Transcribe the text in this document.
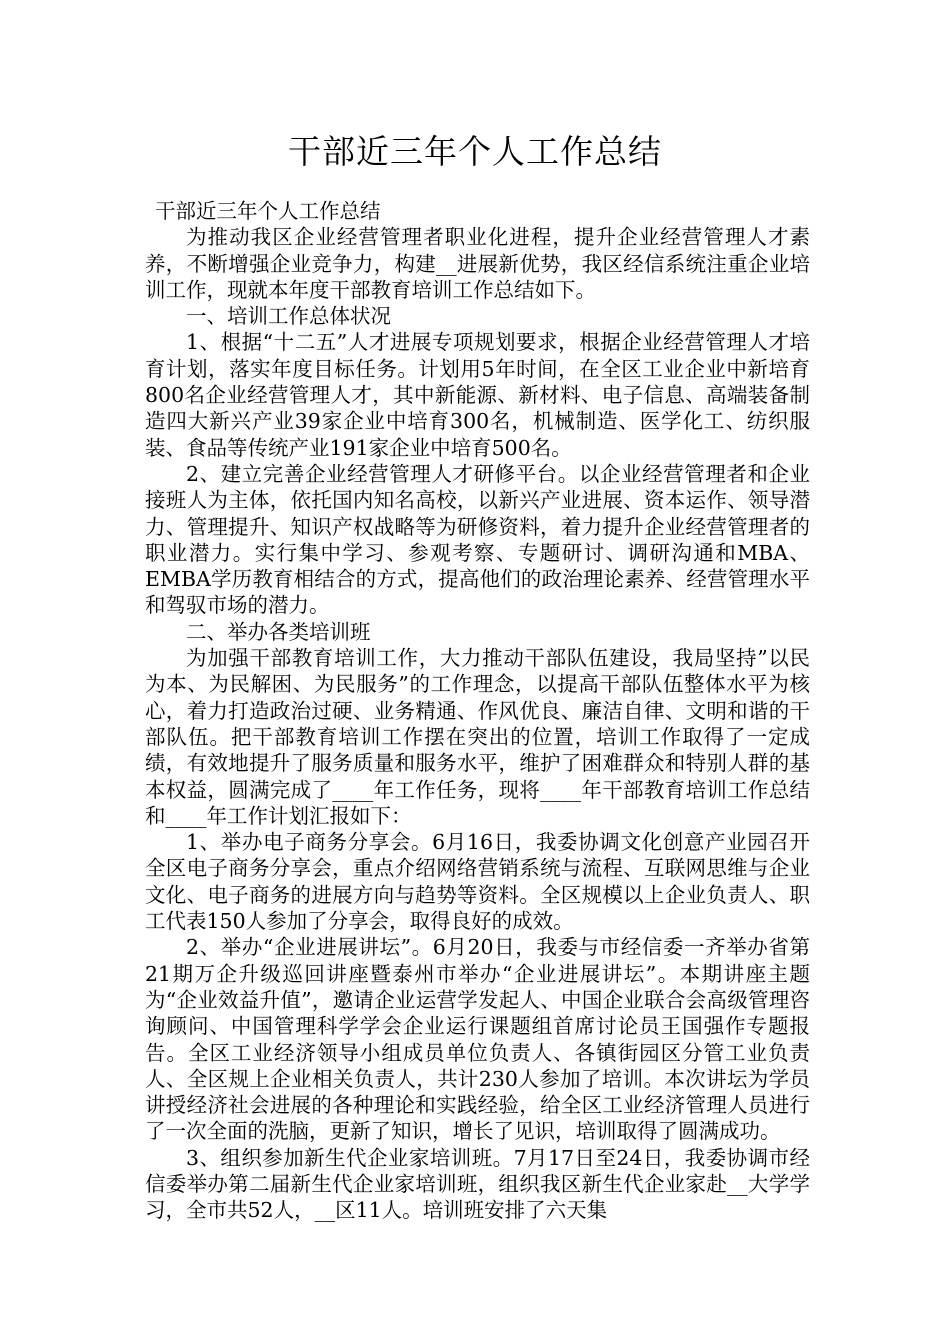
干部近三年个人工作总结

干部近三年个人工作总结

为推动我区企业经营管理者职业化进程，提升企业经营管理人才素养，不断增强企业竞争力，构建__进展新优势，我区经信系统注重企业培训工作，现就本年度干部教育培训工作总结如下。

一、培训工作总体状况

1、根据“十二五”人才进展专项规划要求，根据企业经营管理人才培育计划，落实年度目标任务。计划用5年时间，在全区工业企业中新培育800名企业经营管理人才，其中新能源、新材料、电子信息、高端装备制造四大新兴产业39家企业中培育300名，机械制造、医学化工、纺织服装、食品等传统产业191家企业中培育500名。

2、建立完善企业经营管理人才研修平台。以企业经营管理者和企业接班人为主体，依托国内知名高校，以新兴产业进展、资本运作、领导潜力、管理提升、知识产权战略等为研修资料，着力提升企业经营管理者的职业潜力。实行集中学习、参观考察、专题研讨、调研沟通和MBA、EMBA学历教育相结合的方式，提高他们的政治理论素养、经营管理水平和驾驭市场的潜力。

二、举办各类培训班

为加强干部教育培训工作，大力推动干部队伍建设，我局坚持”以民为本、为民解困、为民服务”的工作理念，以提高干部队伍整体水平为核心，着力打造政治过硬、业务精通、作风优良、廉洁自律、文明和谐的干部队伍。把干部教育培训工作摆在突出的位置，培训工作取得了一定成绩，有效地提升了服务质量和服务水平，维护了困难群众和特别人群的基本权益，圆满完成了____年工作任务，现将____年干部教育培训工作总结和____年工作计划汇报如下：

1、举办电子商务分享会。6月16日，我委协调文化创意产业园召开全区电子商务分享会，重点介绍网络营销系统与流程、互联网思维与企业文化、电子商务的进展方向与趋势等资料。全区规模以上企业负责人、职工代表150人参加了分享会，取得良好的成效。

2、举办“企业进展讲坛”。6月20日，我委与市经信委一齐举办省第21期万企升级巡回讲座暨泰州市举办“企业进展讲坛”。本期讲座主题为“企业效益升值”，邀请企业运营学发起人、中国企业联合会高级管理咨询顾问、中国管理科学学会企业运行课题组首席讨论员王国强作专题报告。全区工业经济领导小组成员单位负责人、各镇街园区分管工业负责人、全区规上企业相关负责人，共计230人参加了培训。本次讲坛为学员讲授经济社会进展的各种理论和实践经验，给全区工业经济管理人员进行了一次全面的洗脑，更新了知识，增长了见识，培训取得了圆满成功。

3、组织参加新生代企业家培训班。7月17日至24日，我委协调市经信委举办第二届新生代企业家培训班，组织我区新生代企业家赴__大学学习，全市共52人，__区11人。培训班安排了六天集
